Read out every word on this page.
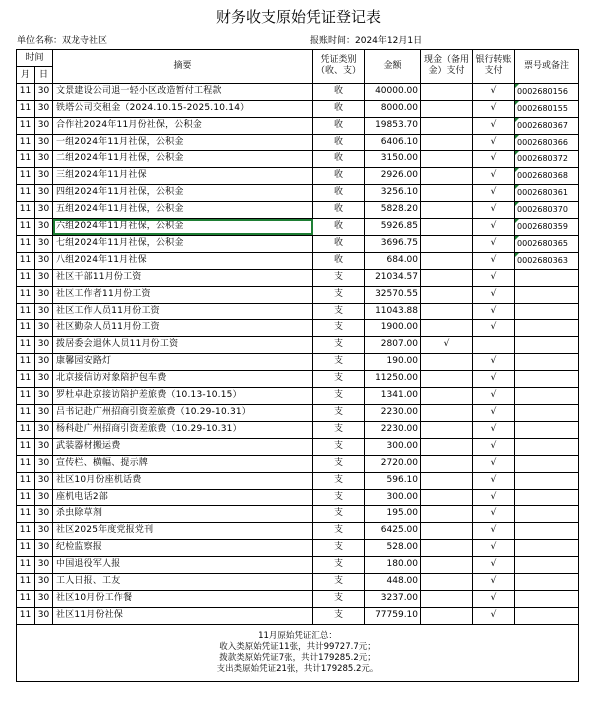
财务收支原始凭证登记表
单位名称：双龙寺社区	报账时间：2024年12月1日
时间		摘要	凭证类别（收、支）	金额	现金（备用金）支付	银行转账支付	票号或备注
月	日						
11	30	文景建设公司退一轻小区改造暂付工程款	收	40000.00		√	0002680156
11	30	铁塔公司交租金（2024.10.15-2025.10.14）	收	8000.00		√	0002680155
11	30	合作社2024年11月份社保，公积金	收	19853.70		√	0002680367
11	30	一组2024年11月社保，公积金	收	6406.10		√	0002680366
11	30	二组2024年11月社保，公积金	收	3150.00		√	0002680372
11	30	三组2024年11月社保	收	2926.00		√	0002680368
11	30	四组2024年11月社保，公积金	收	3256.10		√	0002680361
11	30	五组2024年11月社保，公积金	收	5828.20		√	0002680370
11	30	六组2024年11月社保，公积金	收	5926.85		√	0002680359
11	30	七组2024年11月社保，公积金	收	3696.75		√	0002680365
11	30	八组2024年11月社保	收	684.00		√	0002680363
11	30	社区干部11月份工资	支	21034.57		√	
11	30	社区工作者11月份工资	支	32570.55		√	
11	30	社区工作人员11月份工资	支	11043.88		√	
11	30	社区勤杂人员11月份工资	支	1900.00		√	
11	30	拨居委会退休人员11月份工资	支	2807.00	√		
11	30	康馨园安路灯	支	190.00		√	
11	30	北京接信访对象陪护包车费	支	11250.00		√	
11	30	罗杜卓赴京接访陪护差旅费（10.13-10.15）	支	1341.00		√	
11	30	吕书记赴广州招商引资差旅费（10.29-10.31）	支	2230.00		√	
11	30	杨科赴广州招商引资差旅费（10.29-10.31）	支	2230.00		√	
11	30	武装器材搬运费	支	300.00		√	
11	30	宣传栏、横幅、提示牌	支	2720.00		√	
11	30	社区10月份座机话费	支	596.10		√	
11	30	座机电话2部	支	300.00		√	
11	30	杀虫除草剂	支	195.00		√	
11	30	社区2025年度党报党刊	支	6425.00		√	
11	30	纪检监察报	支	528.00		√	
11	30	中国退役军人报	支	180.00		√	
11	30	工人日报、工友	支	448.00		√	
11	30	社区10月份工作餐	支	3237.00		√	
11	30	社区11月份社保	支	77759.10		√	

11月原始凭证汇总：
收入类原始凭证11张，共计99727.7元；
拨款类原始凭证7张，共计179285.2元；
支出类原始凭证21张，共计179285.2元。							
